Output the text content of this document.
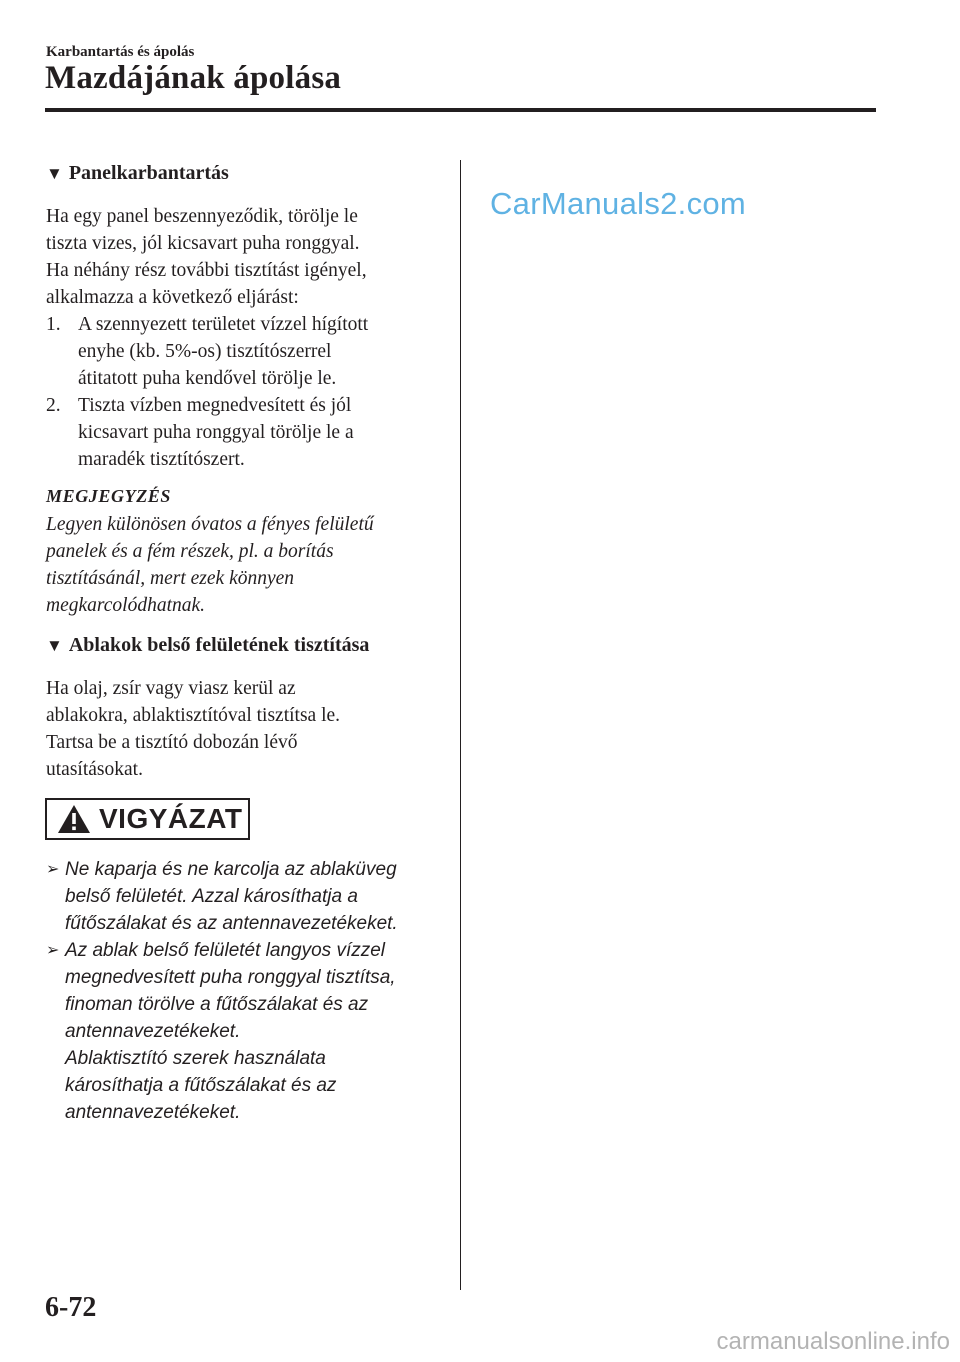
Karbantartás és ápolás
Mazdájának ápolása
▼ Panelkarbantartás
Ha egy panel beszennyeződik, törölje le
tiszta vizes, jól kicsavart puha ronggyal.
Ha néhány rész további tisztítást igényel,
alkalmazza a következő eljárást:
1. A szennyezett területet vízzel hígított
enyhe (kb. 5%-os) tisztítószerrel
átitatott puha kendővel törölje le.
2. Tiszta vízben megnedvesített és jól
kicsavart puha ronggyal törölje le a
maradék tisztítószert.
MEGJEGYZÉS
Legyen különösen óvatos a fényes felületű
panelek és a fém részek, pl. a borítás
tisztításánál, mert ezek könnyen
megkarcolódhatnak.
▼ Ablakok belső felületének tisztítása
Ha olaj, zsír vagy viasz kerül az
ablakokra, ablaktisztítóval tisztítsa le.
Tartsa be a tisztító dobozán lévő
utasításokat.
VIGYÁZAT
➢ Ne kaparja és ne karcolja az ablaküveg
belső felületét. Azzal károsíthatja a
fűtőszálakat és az antennavezetékeket.
➢ Az ablak belső felületét langyos vízzel
megnedvesített puha ronggyal tisztítsa,
finoman törölve a fűtőszálakat és az
antennavezetékeket.
Ablaktisztító szerek használata
károsíthatja a fűtőszálakat és az
antennavezetékeket.
CarManuals2.com
6-72
carmanualsonline.info
